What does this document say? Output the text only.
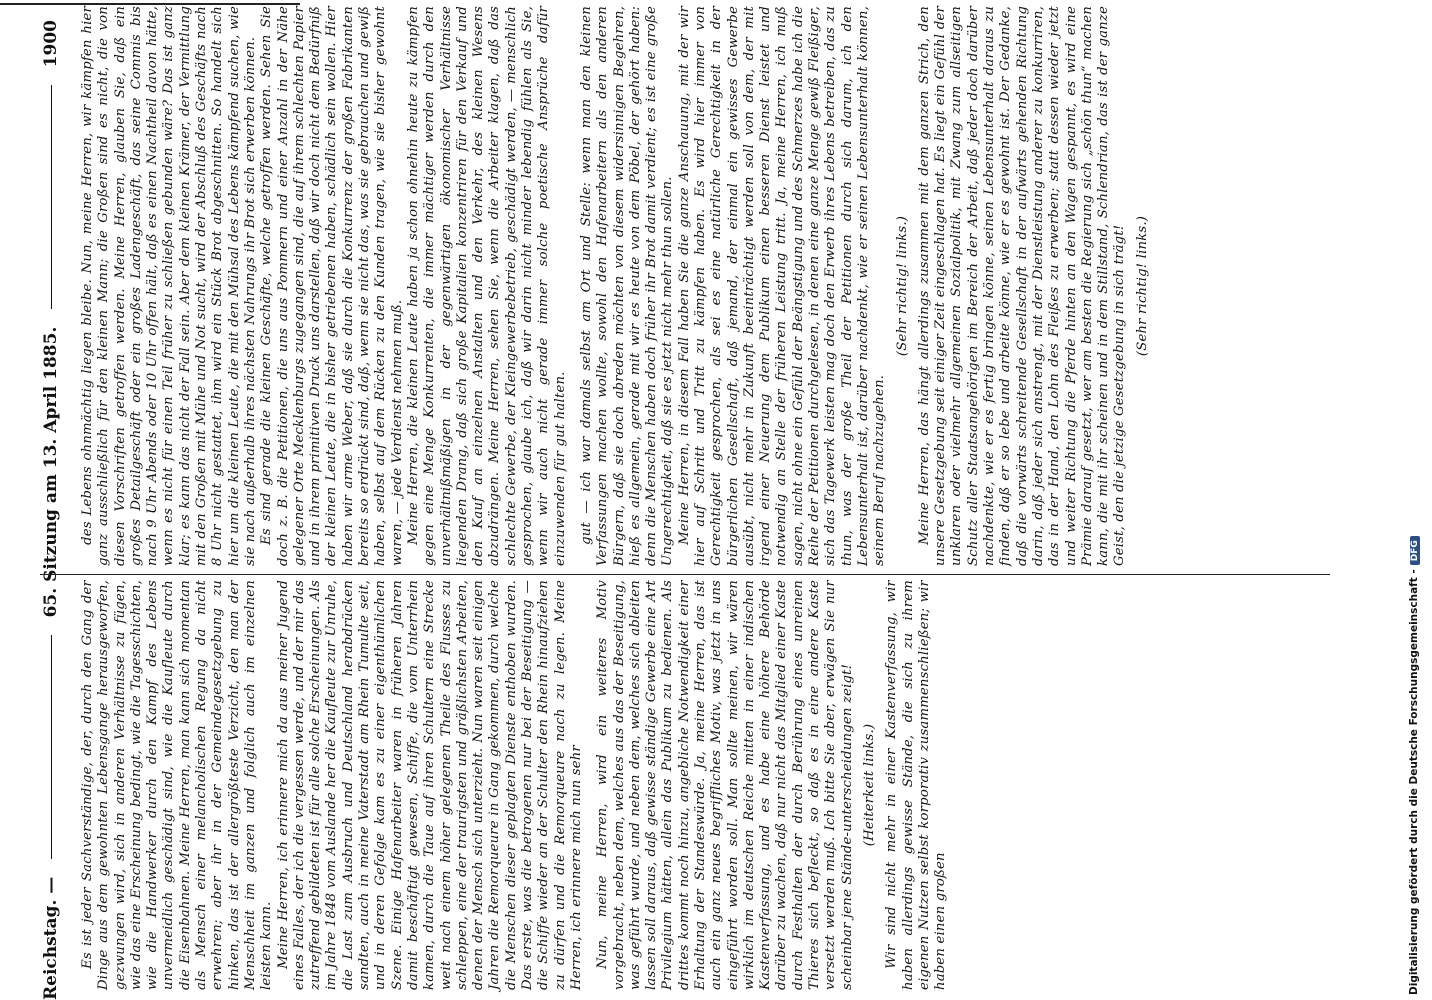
Reichstag. —
65. Sitzung am 13. April 1885.
1900

Es ist jeder Sachverständige, der, durch den Gang der Dinge aus dem gewohnten Lebensgange herausgeworfen, gezwungen wird, sich in anderen Verhältnisse zu fügen, wie das eine Erscheinung bedingt, wie die Tagesschichten, wie die Handwerker durch den Kampf des Lebens unvermeidlich geschädigt sind, wie die Kaufleute durch die Eisenbahnen. Meine Herren, man kann sich momentan als Mensch einer melancholischen Regung da nicht erwehren; aber ihr in der Gemeindegesetzgebung zu hinken, das ist der allergrößteste Verzicht, den man der Menschheit im ganzen und folglich auch im einzelnen leisten kann. Meine Herren, ich erinnere mich da aus meiner Jugend eines Falles, der ich die vergessen werde, und der mir das zutreffend gebildeten ist für alle solche Erscheinungen. Als im Jahre 1848 vom Auslande her die Kaufleute zur Unruhe, die Last zum Ausbruch und Deutschland herabdrücken sandten, auch in meine Vaterstadt am Rhein Tumulte seit, und in deren Gefolge kam es zu einer eigenthümlichen Szene. Einige Hafenarbeiter waren in früheren Jahren damit beschäftigt gewesen, Schiffe, die vom Unterrhein kamen, durch die Taue auf ihren Schultern eine Strecke weit nach einem höher gelegenen Theile des Flusses zu schleppen, eine der traurigsten und gräßlichsten Arbeiten, denen der Mensch sich unterzieht. Nun waren seit einigen Jahren die Remorqueure in Gang gekommen, durch welche die Menschen dieser geplagten Dienste enthoben wurden. Das erste, was die betrogenen nur bei der Beseitigung — die Schiffe wieder an der Schulter den Rhein hinaufziehen zu dürfen und die Remorqueure nach zu legen. Meine Herren, ich erinnere mich nun sehr Nun, meine Herren, wird ein weiteres Motiv vorgebracht, neben dem, welches aus das der Beseitigung, was geführt wurde, und neben dem, welches sich ableiten lassen soll daraus, daß gewisse ständige Gewerbe eine Art Privilegium hätten, allein das Publikum zu bedienen. Als drittes kommt noch hinzu, angebliche Notwendigkeit einer Erhaltung der Standeswürde. Ja, meine Herren, das ist auch ein ganz neues begriffliches Motiv, was jetzt in uns eingeführt worden soll. Man sollte meinen, wir wären wirklich im deutschen Reiche mitten in einer indischen Kastenverfassung, und es habe eine höhere Behörde darüber zu wachen, daß nur nicht das Mitglied einer Kaste durch Festhalten der durch Berührung eines unreinen Thieres sich befleckt, so daß es in eine andere Kaste versetzt werden muß. Ich bitte Sie aber, erwägen Sie nur scheinbar jene Stände-unterscheidungen zeigt! (Heiterkeit links.) Wir sind nicht mehr in einer Kastenverfassung, wir haben allerdings gewisse Stände, die sich zu ihrem eigenen Nutzen selbst korporativ zusammenschließen; wir haben einen großen

des Lebens ohnmächtig liegen bleibe. Nun, meine Herren, wir kämpfen hier ganz ausschließlich für den kleinen Mann; die Großen sind es nicht, die von diesen Vorschriften getroffen werden. Meine Herren, glauben Sie, daß ein großes Detailgeschäft oder ein großes Ladengeschäft, das seine Commis bis nach 9 Uhr Abends oder 10 Uhr offen hält, daß es einen Nachtheil davon hätte, wenn es nicht für einen Teil früher zu schließen gebunden wäre? Das ist ganz klar; es kann das nicht der Fall sein. Aber dem kleinen Krämer, der Vermittlung mit den Großen mit Mühe und Not sucht, wird der Abschluß des Geschäfts nach 8 Uhr nicht gestattet, ihm wird ein Stück Brot abgeschnitten. So handelt sich hier um die kleinen Leute, die mit den Mühsal des Lebens kämpfend suchen, wie sie nach außerhalb ihres nächsten Nahrungs ihr Brot sich erwerben können. Es sind gerade die kleinen Geschäfte, welche getroffen werden. Sehen Sie doch z. B. die Petitionen, die uns aus Pommern und einer Anzahl in der Nähe gelegener Orte Mecklenburgs zugegangen sind, die auf ihrem schlechten Papier und in ihrem primitiven Druck uns darstellen, daß wir doch nicht dem Bedürfniß der kleinen Leute, die in bisher getriebenen haben, schädlich sein wollen. Hier haben wir arme Weber, daß sie durch die Konkurrenz der großen Fabrikanten bereits so erdrückt sind, daß, wenn sie nicht das, was sie gebrauchen und gewiß haben, selbst auf dem Rücken zu den Kunden tragen, wie sie bisher gewohnt waren, — jede Verdienst nehmen muß. Meine Herren, die kleinen Leute haben ja schon ohnehin heute zu kämpfen gegen eine Menge Konkurrenten, die immer mächtiger werden durch den unverhältnißmäßigen in der gegenwärtigen ökonomischer Verhältnisse liegenden Drang, daß sich große Kapitalien konzentriren für den Verkauf und den Kauf an einzelnen Anstalten und den Verkehr, des kleinen Wesens abzudrängen. Meine Herren, sehen Sie, wenn die Arbeiter klagen, daß das schlechte Gewerbe, der Kleingewerbebetrieb, geschädigt werden, — menschlich gesprochen, glaube ich, daß wir darin nicht minder lebendig fühlen als Sie, wenn wir auch nicht gerade immer solche poetische Ansprüche dafür einzuwenden für gut halten. gut — ich war damals selbst am Ort und Stelle: wenn man den kleinen Verfassungen machen wollte, sowohl den Hafenarbeitern als den anderen Bürgern, daß sie doch abreden möchten von diesem widersinnigen Begehren, hieß es allgemein, gerade mit wir es heute von dem Pöbel, der gehört haben: denn die Menschen haben doch früher ihr Brot damit verdient; es ist eine große Ungerechtigkeit, daß sie es jetzt nicht mehr thun sollen. Meine Herren, in diesem Fall haben Sie die ganze Anschauung, mit der wir hier auf Schritt und Tritt zu kämpfen haben. Es wird hier immer von Gerechtigkeit gesprochen, als sei es eine natürliche Gerechtigkeit in der bürgerlichen Gesellschaft, daß jemand, der einmal ein gewisses Gewerbe ausübt, nicht mehr in Zukunft beeinträchtigt werden soll von dem, der mit irgend einer Neuerung dem Publikum einen besseren Dienst leistet und notwendig an Stelle der früheren Leistung tritt. Ja, meine Herren, ich muß sagen, nicht ohne ein Gefühl der Beängstigung und des Schmerzes habe ich die Reihe der Petitionen durchgelesen, in denen eine ganze Menge gewiß Fleißiger, sich das Tagewerk leisten mag doch den Erwerb ihres Lebens betreiben, das zu thun, was der große Theil der Petitionen durch sich darum, ich den Lebensunterhalt ist, darüber nachdenkt, wie er seinen Lebensunterhalt können, seinem Beruf nachzugehen.

(Sehr richtig! links.) Meine Herren, das hängt allerdings zusammen mit dem ganzen Strich, den unsere Gesetzgebung seit einiger Zeit eingeschlagen hat. Es liegt ein Gefühl der unklaren oder vielmehr allgemeinen Sozialpolitik, mit Zwang zum allseitigen Schutz aller Staatsangehörigen im Bereich der Arbeit, daß jeder doch darüber nachdenkte, wie er es fertig bringen könne, seinen Lebensunterhalt daraus zu finden, daß er so lebe und arbeite könne, wie er es gewohnt ist. Der Gedanke, daß die vorwärts schreitende Gesellschaft in der aufwärts gehenden Richtung darin, daß jeder sich anstrengt, mit der Dienstleistung anderer zu konkurriren, das in der Hand, den Lohn des Fleißes zu erwerben; statt dessen wieder jetzt und weiter Richtung die Pferde hinten an den Wagen gespannt, es wird eine Prämie darauf gesetzt, wer am besten die Regierung sich „schön thun“ machen kann, die mit ihr scheinen und in dem Stillstand, Schlendrian, das ist der ganze Geist, den die jetzige Gesetzgebung in sich trägt! (Sehr richtig! links.)

Digitalisierung gefördert durch die Deutsche Forschungsgemeinschaft -DFG
